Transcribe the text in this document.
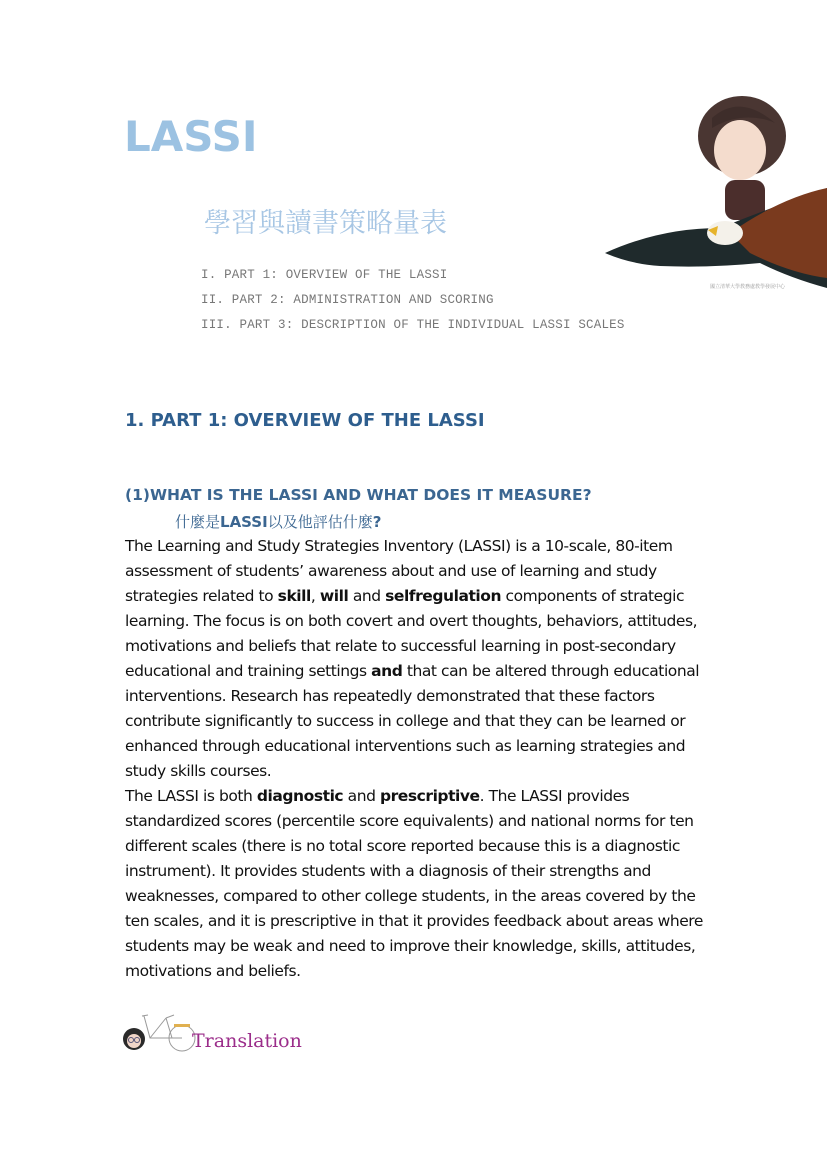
LASSI
學習與讀書策略量表
I. PART 1: OVERVIEW OF THE LASSI
II. PART 2: ADMINISTRATION AND SCORING
III. PART 3: DESCRIPTION OF THE INDIVIDUAL LASSI SCALES
國立清華大學教務處教學發展中心
1. PART 1: OVERVIEW OF THE LASSI
(1)WHAT IS THE LASSI AND WHAT DOES IT MEASURE?
什麼是LASSI以及他評估什麼?

The Learning and Study Strategies Inventory (LASSI) is a 10-scale, 80-item assessment of students’ awareness about and use of learning and study strategies related to skill, will and selfregulation components of strategic learning. The focus is on both covert and overt thoughts, behaviors, attitudes, motivations and beliefs that relate to successful learning in post-secondary educational and training settings and that can be altered through educational interventions. Research has repeatedly demonstrated that these factors contribute significantly to success in college and that they can be learned or enhanced through educational interventions such as learning strategies and study skills courses.

The LASSI is both diagnostic and prescriptive. The LASSI provides standardized scores (percentile score equivalents) and national norms for ten different scales (there is no total score reported because this is a diagnostic instrument). It provides students with a diagnosis of their strengths and weaknesses, compared to other college students, in the areas covered by the ten scales, and it is prescriptive in that it provides feedback about areas where students may be weak and need to improve their knowledge, skills, attitudes, motivations and beliefs.

Translation
